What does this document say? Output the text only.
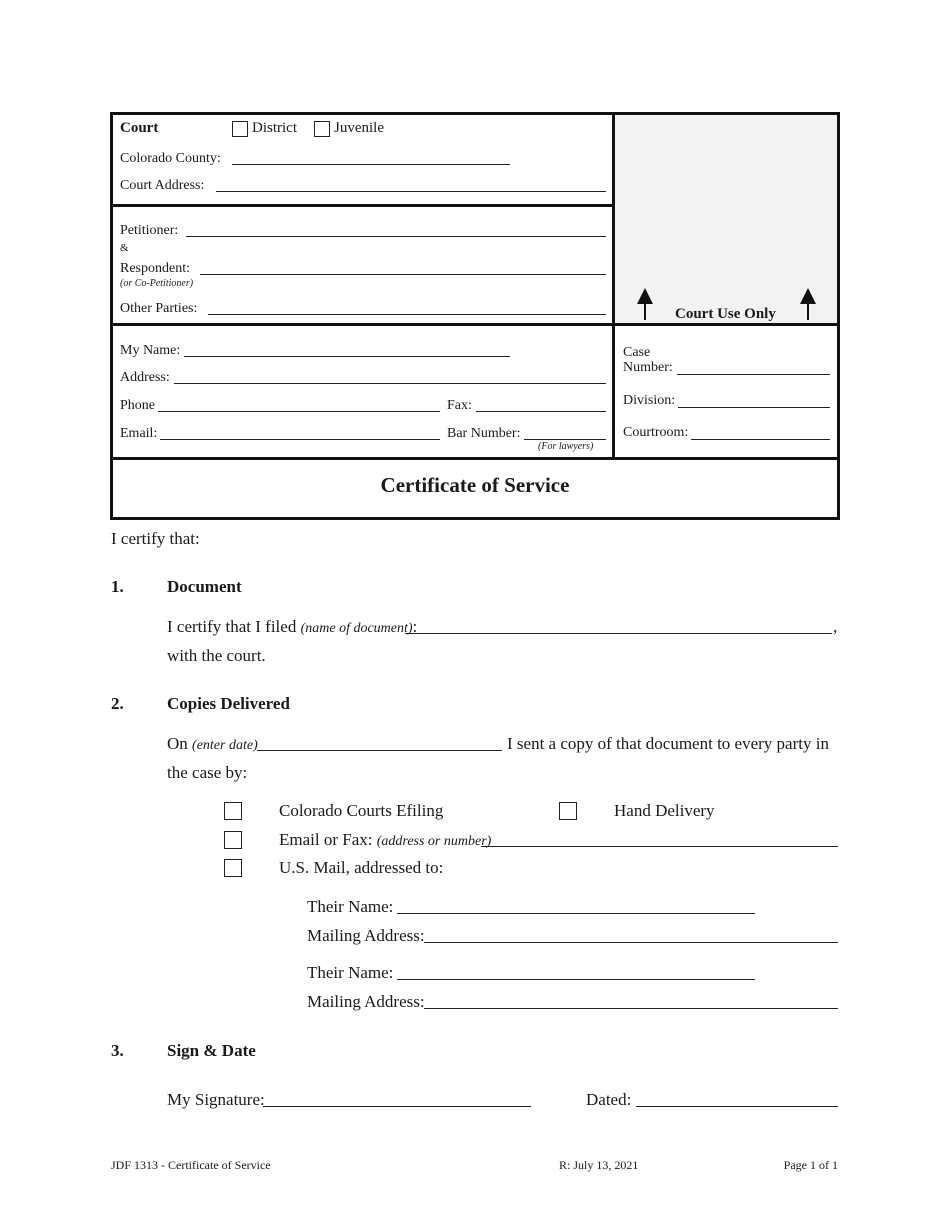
Court	District Juvenile
Colorado County:
Court Address:
Petitioner:
&
Respondent:
(or Co-Petitioner)
Other Parties:	Court Use Only
My Name:
Address:
Phone	Fax:
Email:	Bar Number:
(For lawyers)
Case
Number:
Division:
Courtroom:
Certificate of Service
I certify that:
1.	Document
I certify that I filed (name of document):	,
with the court.
2.	Copies Delivered
On (enter date)	I sent a copy of that document to every party in
the case by:
Colorado Courts Efiling	Hand Delivery
Email or Fax: (address or number)
U.S. Mail, addressed to:
Their Name:
Mailing Address:
Their Name:
Mailing Address:
3.	Sign & Date
My Signature:	Dated:
JDF 1313 - Certificate of Service	R: July 13, 2021	Page 1 of 1
